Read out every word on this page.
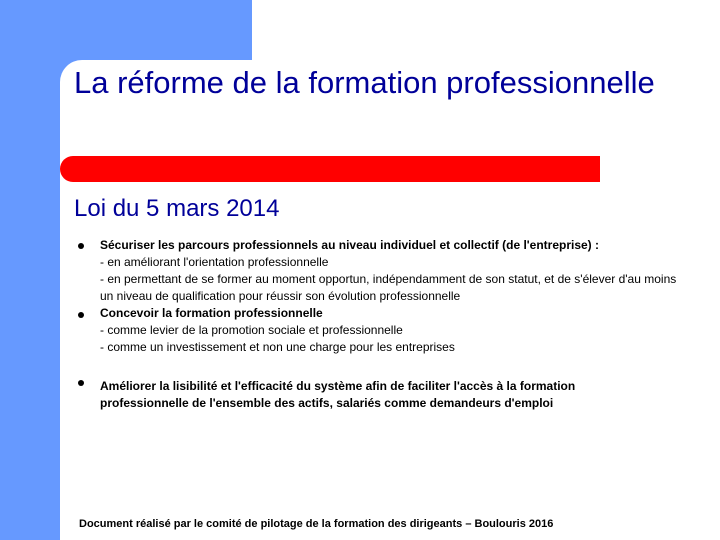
La réforme de la formation professionnelle
Loi du 5 mars 2014
Sécuriser les parcours professionnels au niveau individuel et collectif (de l'entreprise) :
- en améliorant l'orientation professionnelle
- en permettant de se former au moment opportun, indépendamment de son statut, et de s'élever d'au moins un niveau de qualification pour réussir son évolution professionnelle
Concevoir la formation professionnelle
- comme levier de la promotion sociale et professionnelle
- comme un investissement et non une charge pour les entreprises
Améliorer la lisibilité et l'efficacité du système afin de faciliter l'accès à la formation professionnelle de l'ensemble des actifs, salariés comme demandeurs d'emploi
Document réalisé par le comité de pilotage de la formation des dirigeants – Boulouris 2016
